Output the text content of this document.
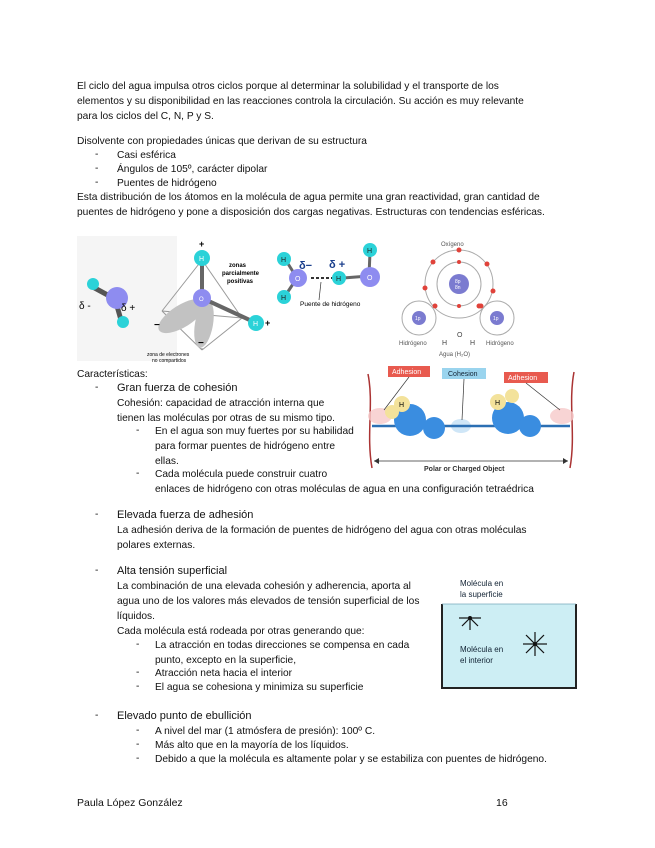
El ciclo del agua impulsa otros ciclos porque al determinar la solubilidad y el transporte de los
elementos y su disponibilidad en las reacciones controla la circulación. Su acción es muy relevante
para los ciclos del C, N, P y S.
Disolvente con propiedades únicas que derivan de su estructura
- Casi esférica
- Ángulos de 105º, carácter dipolar
- Puentes de hidrógeno
Esta distribución de los átomos en la molécula de agua permite una gran reactividad, gran cantidad de
puentes de hidrógeno y pone a disposición dos cargas negativas. Estructuras con tendencias esféricas.
δ -	δ +
O
H
H
+
+
−
−
zonas
parcialmente
positivas
zona de electrones
no compartidos
H
H
H
H
O	O
δ− δ +
Puente de hidrógeno
Oxígeno
8p
8n
1p	1p
Hidrógeno	Hidrógeno
H
O
H
Agua (H₂O)
H	H
Adhesion	Cohesion
Adhesion
Polar or Charged Object
Características:
- Gran fuerza de cohesión
Cohesión: capacidad de atracción interna que
tienen las moléculas por otras de su mismo tipo.
- En el agua son muy fuertes por su habilidad
para formar puentes de hidrógeno entre
ellas.
- Cada molécula puede construir cuatro
enlaces de hidrógeno con otras moléculas de agua en una configuración tetraédrica
- Elevada fuerza de adhesión
La adhesión deriva de la formación de puentes de hidrógeno del agua con otras moléculas
polares externas.
- Alta tensión superficial
La combinación de una elevada cohesión y adherencia, aporta al
agua uno de los valores más elevados de tensión superficial de los
líquidos.
Cada molécula está rodeada por otras generando que:
- La atracción en todas direcciones se compensa en cada
punto, excepto en la superficie,
- Atracción neta hacia el interior
- El agua se cohesiona y minimiza su superficie
Molécula en
la superficie
Molécula en
el interior
- Elevado punto de ebullición
- A nivel del mar (1 atmósfera de presión): 100º C.
- Más alto que en la mayoría de los líquidos.
- Debido a que la molécula es altamente polar y se estabiliza con puentes de hidrógeno.
Paula López González	16
